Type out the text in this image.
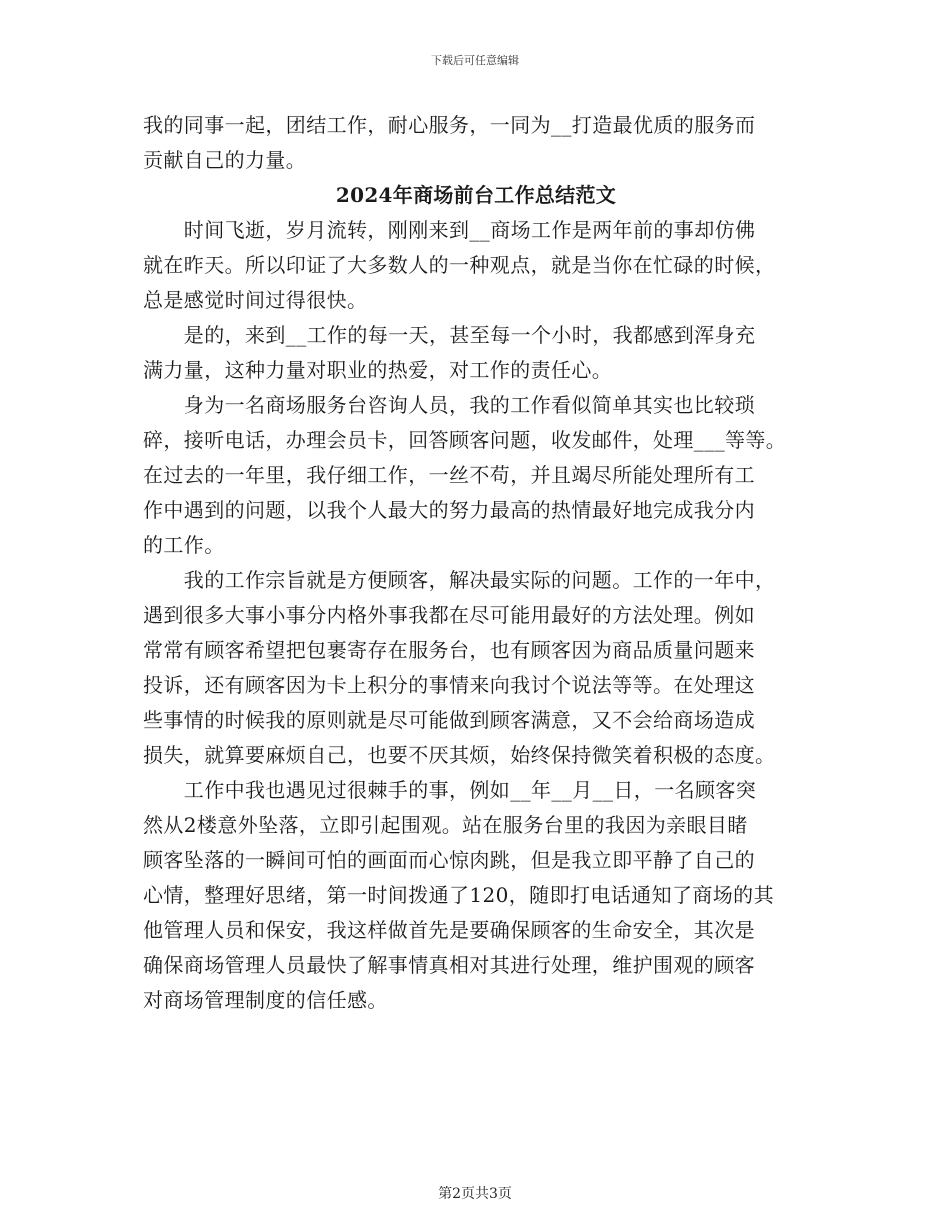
下载后可任意编辑
我的同事一起，团结工作，耐心服务，一同为__打造最优质的服务而
贡献自己的力量。
2024年商场前台工作总结范文
　　时间飞逝，岁月流转，刚刚来到__商场工作是两年前的事却仿佛
就在昨天。所以印证了大多数人的一种观点，就是当你在忙碌的时候，
总是感觉时间过得很快。
　　是的，来到__工作的每一天，甚至每一个小时，我都感到浑身充
满力量，这种力量对职业的热爱，对工作的责任心。
　　身为一名商场服务台咨询人员，我的工作看似简单其实也比较琐
碎，接听电话，办理会员卡，回答顾客问题，收发邮件，处理___等等。
在过去的一年里，我仔细工作，一丝不苟，并且竭尽所能处理所有工
作中遇到的问题，以我个人最大的努力最高的热情最好地完成我分内
的工作。
　　我的工作宗旨就是方便顾客，解决最实际的问题。工作的一年中，
遇到很多大事小事分内格外事我都在尽可能用最好的方法处理。例如
常常有顾客希望把包裹寄存在服务台，也有顾客因为商品质量问题来
投诉，还有顾客因为卡上积分的事情来向我讨个说法等等。在处理这
些事情的时候我的原则就是尽可能做到顾客满意，又不会给商场造成
损失，就算要麻烦自己，也要不厌其烦，始终保持微笑着积极的态度。
　　工作中我也遇见过很棘手的事，例如__年__月__日，一名顾客突
然从2楼意外坠落，立即引起围观。站在服务台里的我因为亲眼目睹
顾客坠落的一瞬间可怕的画面而心惊肉跳，但是我立即平静了自己的
心情，整理好思绪，第一时间拨通了120，随即打电话通知了商场的其
他管理人员和保安，我这样做首先是要确保顾客的生命安全，其次是
确保商场管理人员最快了解事情真相对其进行处理，维护围观的顾客
对商场管理制度的信任感。
第2页共3页
